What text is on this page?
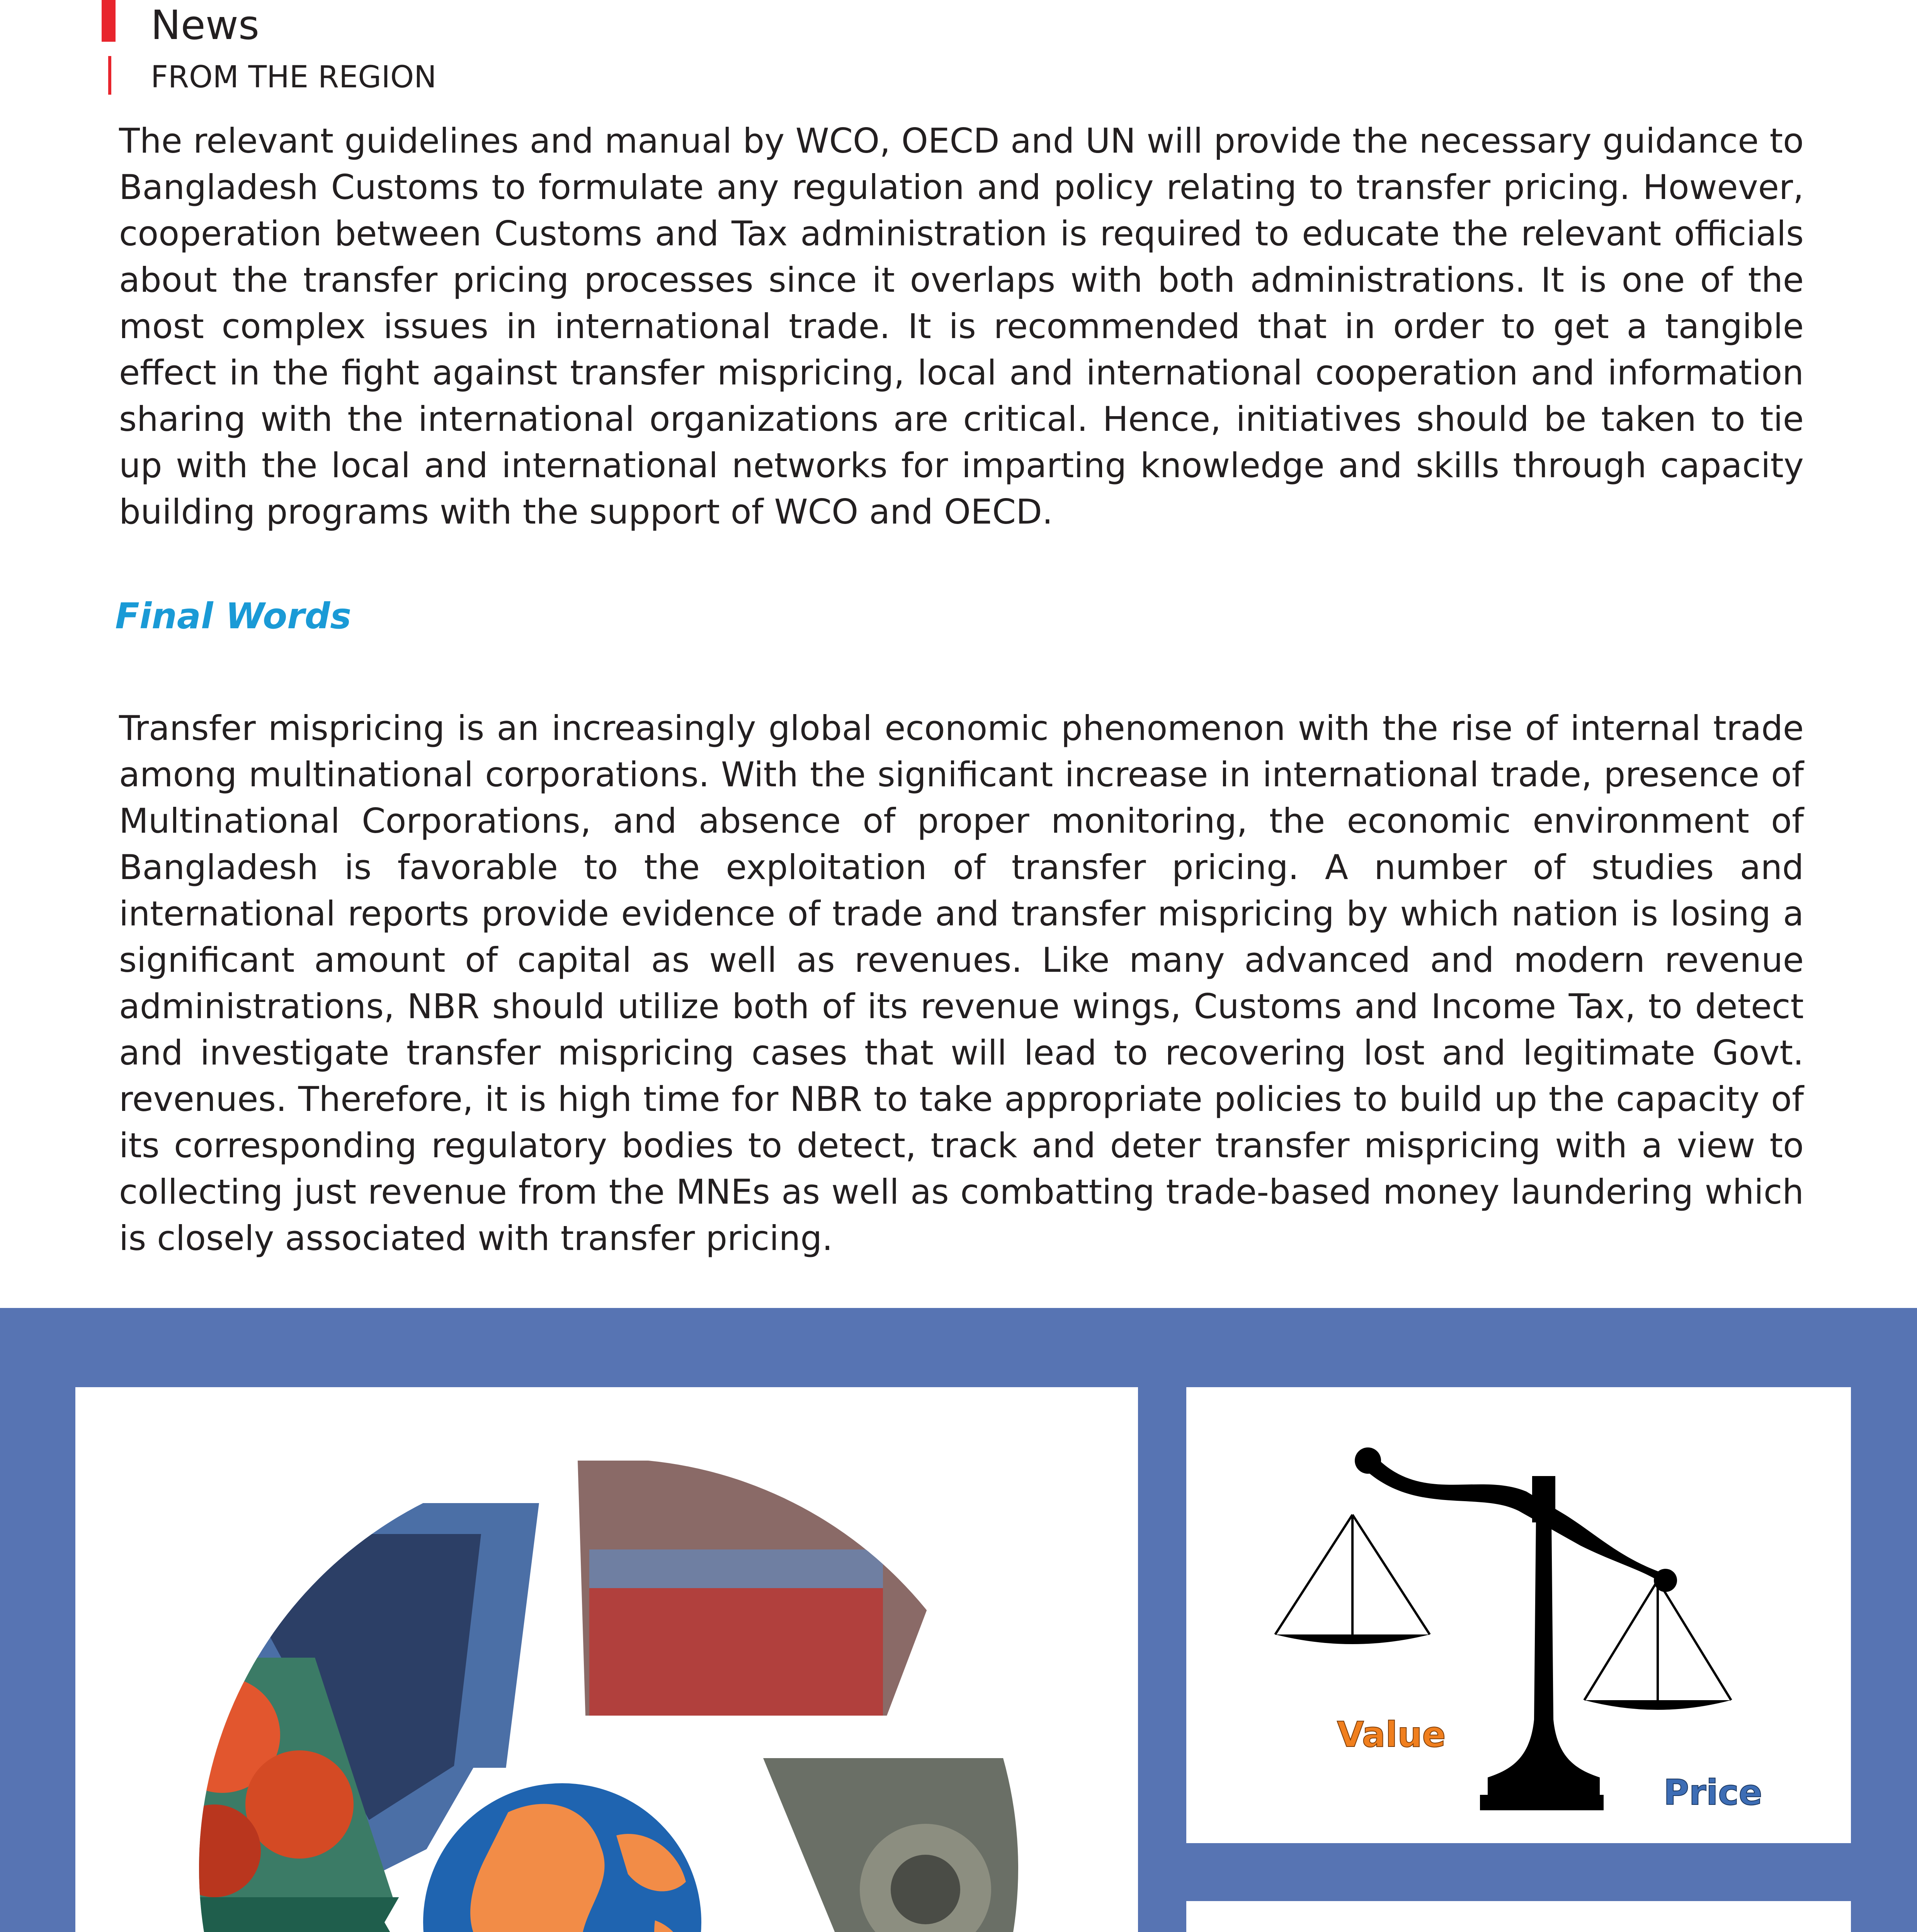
News
FROM THE REGION

The relevant guidelines and manual by WCO, OECD and UN will provide the necessary guidance to Bangladesh Customs to formulate any regulation and policy relating to transfer pricing. However, cooperation between Customs and Tax administration is required to educate the relevant officials about the transfer pricing processes since it overlaps with both administrations. It is one of the most complex issues in international trade. It is recommended that in order to get a tangible effect in the fight against transfer mispricing, local and international cooperation and information sharing with the international organizations are critical. Hence, initiatives should be taken to tie up with the local and international networks for imparting knowledge and skills through capacity building programs with the support of WCO and OECD.

Final Words

Transfer mispricing is an increasingly global economic phenomenon with the rise of internal trade among multinational corporations. With the significant increase in international trade, presence of Multinational Corporations, and absence of proper monitoring, the economic environment of Bangladesh is favorable to the exploitation of transfer pricing. A number of studies and international reports provide evidence of trade and transfer mispricing by which nation is losing a significant amount of capital as well as revenues. Like many advanced and modern revenue administrations, NBR should utilize both of its revenue wings, Customs and Income Tax, to detect and investigate transfer mispricing cases that will lead to recovering lost and legitimate Govt. revenues. Therefore, it is high time for NBR to take appropriate policies to build up the capacity of its corresponding regulatory bodies to detect, track and deter transfer mispricing with a view to collecting just revenue from the MNEs as well as combatting trade-based money laundering which is closely associated with transfer pricing.

Value
Price
